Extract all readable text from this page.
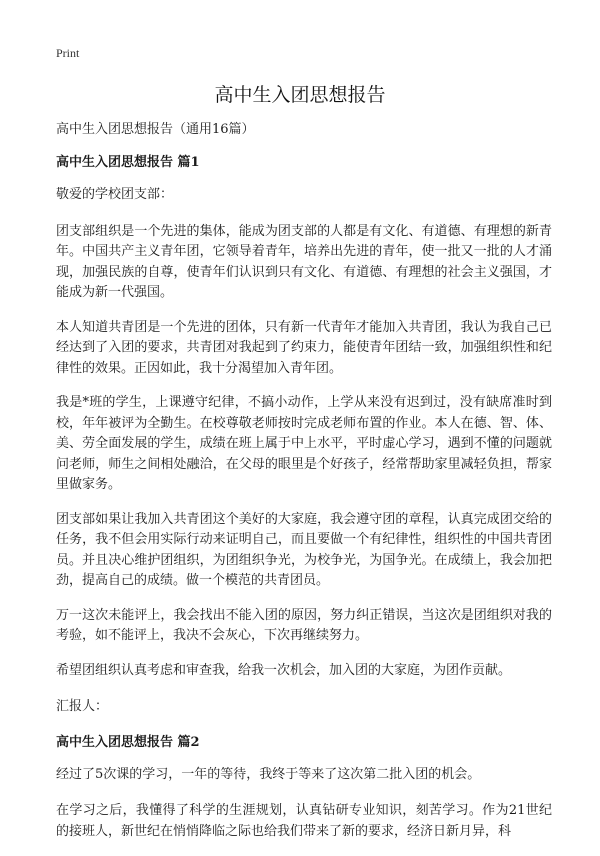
Print
高中生入团思想报告

高中生入团思想报告（通用16篇）

高中生入团思想报告 篇1

敬爱的学校团支部：

团支部组织是一个先进的集体，能成为团支部的人都是有文化、有道德、有理想的新青年。中国共产主义青年团，它领导着青年，培养出先进的青年，使一批又一批的人才涌现，加强民族的自尊，使青年们认识到只有文化、有道德、有理想的社会主义强国，才能成为新一代强国。

本人知道共青团是一个先进的团体，只有新一代青年才能加入共青团，我认为我自己已经达到了入团的要求，共青团对我起到了约束力，能使青年团结一致，加强组织性和纪律性的效果。正因如此，我十分渴望加入青年团。

我是*班的学生，上课遵守纪律，不搞小动作，上学从来没有迟到过，没有缺席准时到校，年年被评为全勤生。在校尊敬老师按时完成老师布置的作业。本人在德、智、体、美、劳全面发展的学生，成绩在班上属于中上水平，平时虚心学习，遇到不懂的问题就问老师，师生之间相处融洽，在父母的眼里是个好孩子，经常帮助家里减轻负担，帮家里做家务。

团支部如果让我加入共青团这个美好的大家庭，我会遵守团的章程，认真完成团交给的任务，我不但会用实际行动来证明自己，而且要做一个有纪律性，组织性的中国共青团员。并且决心维护团组织，为团组织争光，为校争光，为国争光。在成绩上，我会加把劲，提高自己的成绩。做一个模范的共青团员。

万一这次未能评上，我会找出不能入团的原因，努力纠正错误，当这次是团组织对我的考验，如不能评上，我决不会灰心，下次再继续努力。

希望团组织认真考虑和审查我，给我一次机会，加入团的大家庭，为团作贡献。

汇报人：

高中生入团思想报告 篇2

经过了5次课的学习，一年的等待，我终于等来了这次第二批入团的机会。

在学习之后，我懂得了科学的生涯规划，认真钻研专业知识，刻苦学习。作为21世纪的接班人，新世纪在悄悄降临之际也给我们带来了新的要求，经济日新月异，科
